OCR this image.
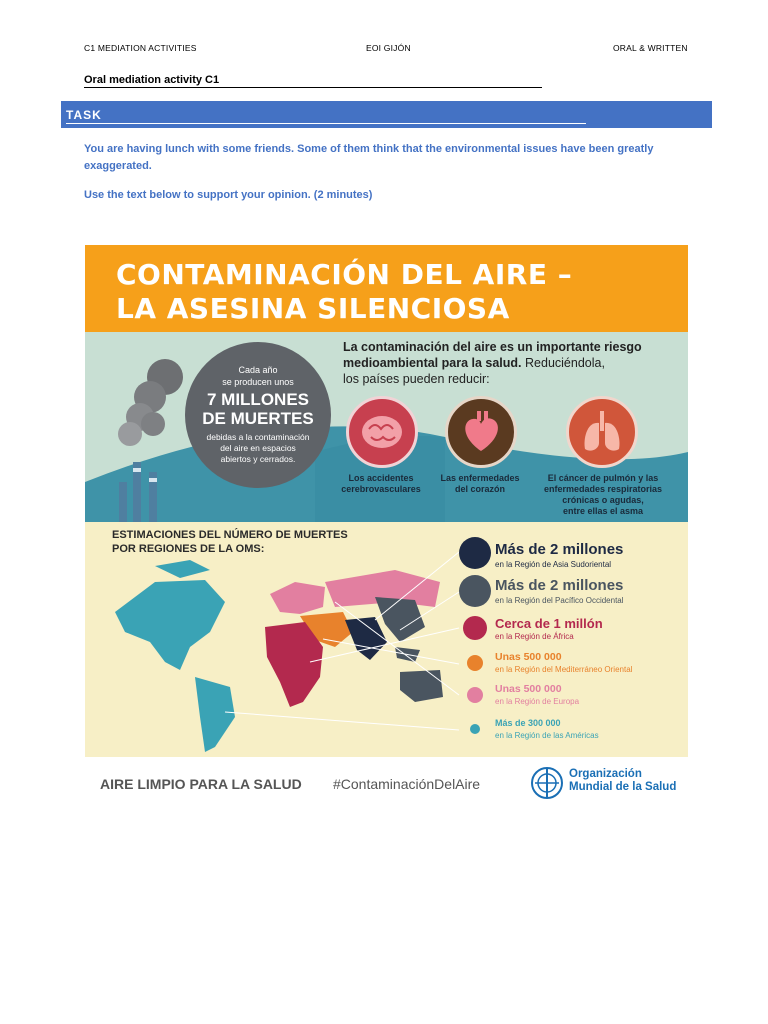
C1 MEDIATION ACTIVITIES	EOI GIJÓN	ORAL & WRITTEN
Oral mediation activity C1
TASK
You are having lunch with some friends. Some of them think that the environmental issues have been greatly exaggerated.
Use the text below to support your opinion. (2 minutes)
CONTAMINACIÓN DEL AIRE –
LA ASESINA SILENCIOSA
Cada año
se producen unos
7 MILLONES
DE MUERTES
debidas a la contaminación
del aire en espacios
abiertos y cerrados.
La contaminación del aire es un importante riesgo
medioambiental para la salud. Reduciéndola,
los países pueden reducir:
Los accidentes
cerebrovasculares
Las enfermedades
del corazón
El cáncer de pulmón y las
enfermedades respiratorias
crónicas o agudas,
entre ellas el asma
ESTIMACIONES DEL NÚMERO DE MUERTES
POR REGIONES DE LA OMS:	Más de 2 millones
en la Región de Asia Sudoriental
Más de 2 millones
en la Región del Pacífico Occidental
Cerca de 1 millón
en la Región de África
Unas 500 000
en la Región del Mediterráneo Oriental
Unas 500 000
en la Región de Europa
Más de 300 000
en la Región de las Américas
AIRE LIMPIO PARA LA SALUD #ContaminaciónDelAire
Organización
Mundial de la Salud
